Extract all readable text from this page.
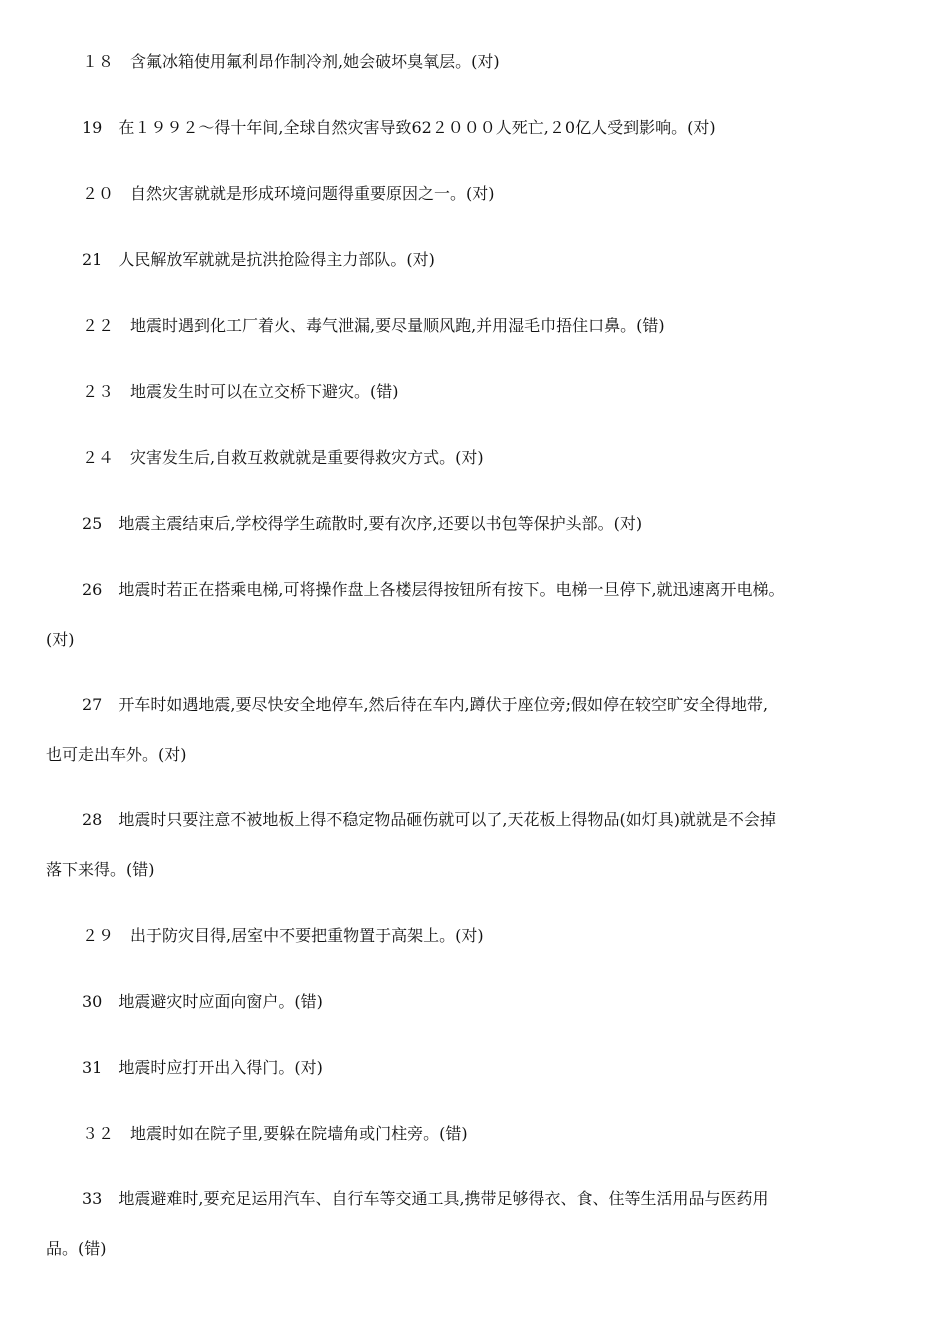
１８　含氟冰箱使用氟利昂作制冷剂,她会破坏臭氧层。(对)
19　在１９９２～得十年间,全球自然灾害导致62２０００人死亡,２0亿人受到影响。(对)
２０　自然灾害就就是形成环境问题得重要原因之一。(对)
21　人民解放军就就是抗洪抢险得主力部队。(对)
２２　地震时遇到化工厂着火、毒气泄漏,要尽量顺风跑,并用湿毛巾捂住口鼻。(错)
２３　地震发生时可以在立交桥下避灾。(错)
２４　灾害发生后,自救互救就就是重要得救灾方式。(对)
25　地震主震结束后,学校得学生疏散时,要有次序,还要以书包等保护头部。(对)
26　地震时若正在搭乘电梯,可将操作盘上各楼层得按钮所有按下。电梯一旦停下,就迅速离开电梯。
(对)
27　开车时如遇地震,要尽快安全地停车,然后待在车内,蹲伏于座位旁;假如停在较空旷安全得地带,
也可走出车外。(对)
28　地震时只要注意不被地板上得不稳定物品砸伤就可以了,天花板上得物品(如灯具)就就是不会掉
落下来得。(错)
２９　出于防灾目得,居室中不要把重物置于高架上。(对)
30　地震避灾时应面向窗户。(错)
31　地震时应打开出入得门。(对)
３２　地震时如在院子里,要躲在院墙角或门柱旁。(错)
33　地震避难时,要充足运用汽车、自行车等交通工具,携带足够得衣、食、住等生活用品与医药用
品。(错)
